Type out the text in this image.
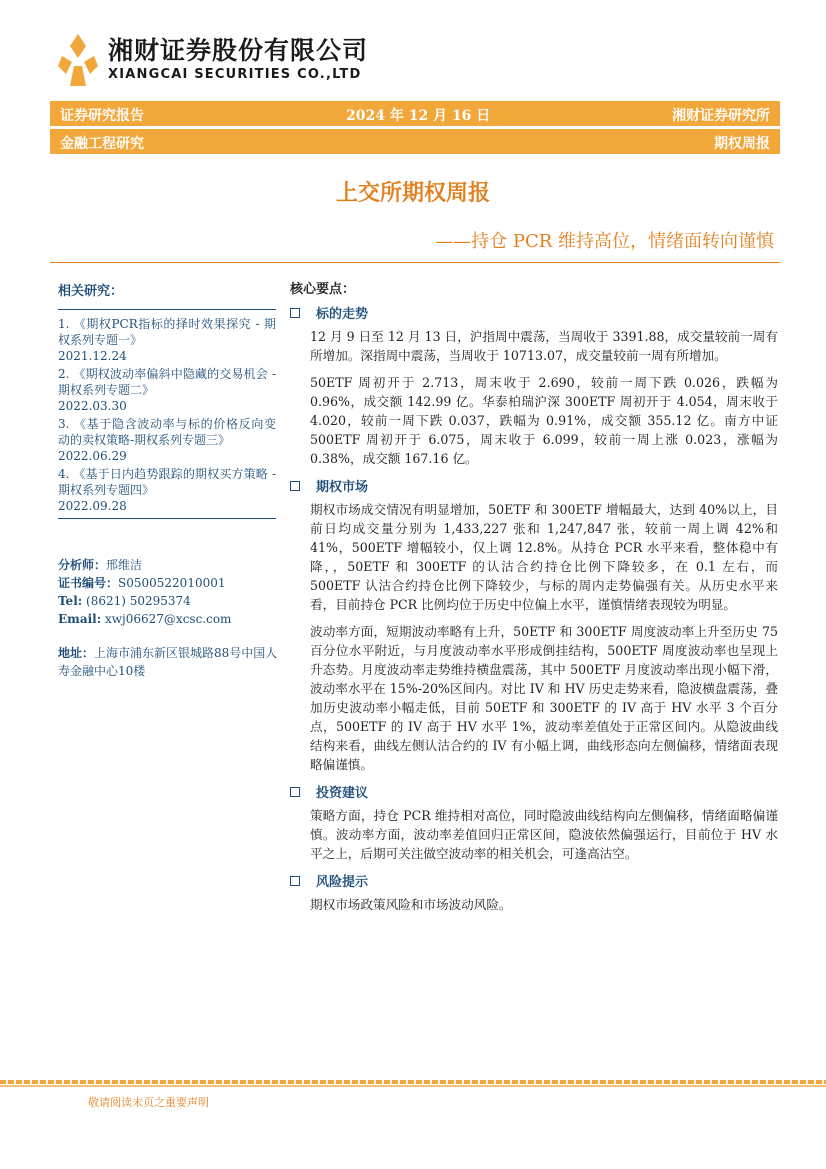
湘财证券股份有限公司
XIANGCAI SECURITIES CO.,LTD
证券研究报告	2024 年 12 月 16 日	湘财证券研究所
金融工程研究	期权周报
上交所期权周报
——持仓 PCR 维持高位，情绪面转向谨慎
相关研究：
1. 《期权PCR指标的择时效果探究 - 期权系列专题一》
2021.12.24
2. 《期权波动率偏斜中隐藏的交易机会 - 期权系列专题二》
2022.03.30
3. 《基于隐含波动率与标的价格反向变动的卖权策略-期权系列专题三》
2022.06.29
4. 《基于日内趋势跟踪的期权买方策略 - 期权系列专题四》
2022.09.28
分析师：邢维洁
证书编号：S0500522010001
Tel: (8621) 50295374
Email: xwj06627@xcsc.com
地址：上海市浦东新区银城路88号中国人寿金融中心10楼
核心要点：
标的走势

12 月 9 日至 12 月 13 日，沪指周中震荡，当周收于 3391.88，成交量较前一周有所增加。深指周中震荡，当周收于 10713.07，成交量较前一周有所增加。

50ETF 周初开于 2.713，周末收于 2.690，较前一周下跌 0.026，跌幅为 0.96%，成交额 142.99 亿。华泰柏瑞沪深 300ETF 周初开于 4.054，周末收于 4.020，较前一周下跌 0.037，跌幅为 0.91%，成交额 355.12 亿。南方中证 500ETF 周初开于 6.075，周末收于 6.099，较前一周上涨 0.023，涨幅为 0.38%，成交额 167.16 亿。

期权市场

期权市场成交情况有明显增加，50ETF 和 300ETF 增幅最大，达到 40%以上，目前日均成交量分别为 1,433,227 张和 1,247,847 张，较前一周上调 42%和 41%，500ETF 增幅较小，仅上调 12.8%。从持仓 PCR 水平来看，整体稳中有降，，50ETF 和 300ETF 的认沽合约持仓比例下降较多，在 0.1 左右，而 500ETF 认沽合约持仓比例下降较少，与标的周内走势偏强有关。从历史水平来看，目前持仓 PCR 比例均位于历史中位偏上水平，谨慎情绪表现较为明显。

波动率方面，短期波动率略有上升，50ETF 和 300ETF 周度波动率上升至历史 75 百分位水平附近，与月度波动率水平形成倒挂结构，500ETF 周度波动率也呈现上升态势。月度波动率走势维持横盘震荡，其中 500ETF 月度波动率出现小幅下滑，波动率水平在 15%-20%区间内。对比 IV 和 HV 历史走势来看，隐波横盘震荡，叠加历史波动率小幅走低，目前 50ETF 和 300ETF 的 IV 高于 HV 水平 3 个百分点，500ETF 的 IV 高于 HV 水平 1%，波动率差值处于正常区间内。从隐波曲线结构来看，曲线左侧认沽合约的 IV 有小幅上调，曲线形态向左侧偏移，情绪面表现略偏谨慎。

投资建议

策略方面，持仓 PCR 维持相对高位，同时隐波曲线结构向左侧偏移，情绪面略偏谨慎。波动率方面，波动率差值回归正常区间，隐波依然偏强运行，目前位于 HV 水平之上，后期可关注做空波动率的相关机会，可逢高沽空。

风险提示

期权市场政策风险和市场波动风险。

敬请阅读末页之重要声明
